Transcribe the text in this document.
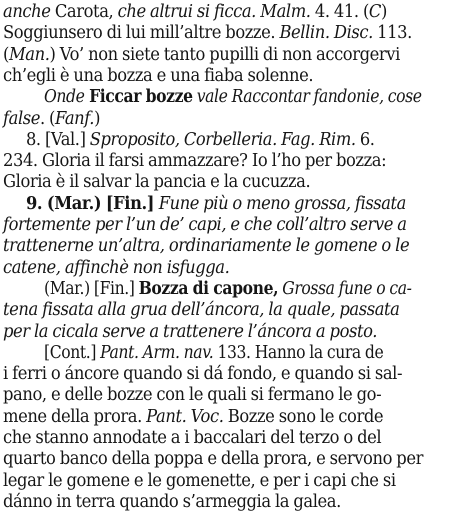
anche Carota, che altrui si ficca. Malm. 4. 41. (C)
Soggiunsero di lui mill’altre bozze. Bellin. Disc. 113.
(Man.) Vo’ non siete tanto pupilli di non accorgervi
ch’egli è una bozza e una fiaba solenne.
Onde Ficcar bozze vale Raccontar fandonie, cose
false. (Fanf.)
8. [Val.] Sproposito, Corbelleria. Fag. Rim. 6.
234. Gloria il farsi ammazzare? Io l’ho per bozza:
Gloria è il salvar la pancia e la cucuzza.
9. (Mar.) [Fin.] Fune più o meno grossa, fissata
fortemente per l’un de’ capi, e che coll’altro serve a
trattenerne un’altra, ordinariamente le gomene o le
catene, affinchè non isfugga.
(Mar.) [Fin.] Bozza di capone, Grossa fune o ca-
tena fissata alla grua dell’áncora, la quale, passata
per la cicala serve a trattenere l’áncora a posto.
[Cont.] Pant. Arm. nav. 133. Hanno la cura de
i ferri o áncore quando si dá fondo, e quando si sal-
pano, e delle bozze con le quali si fermano le go-
mene della prora. Pant. Voc. Bozze sono le corde
che stanno annodate a i baccalari del terzo o del
quarto banco della poppa e della prora, e servono per
legar le gomene e le gomenette, e per i capi che si
dánno in terra quando s’armeggia la galea.
